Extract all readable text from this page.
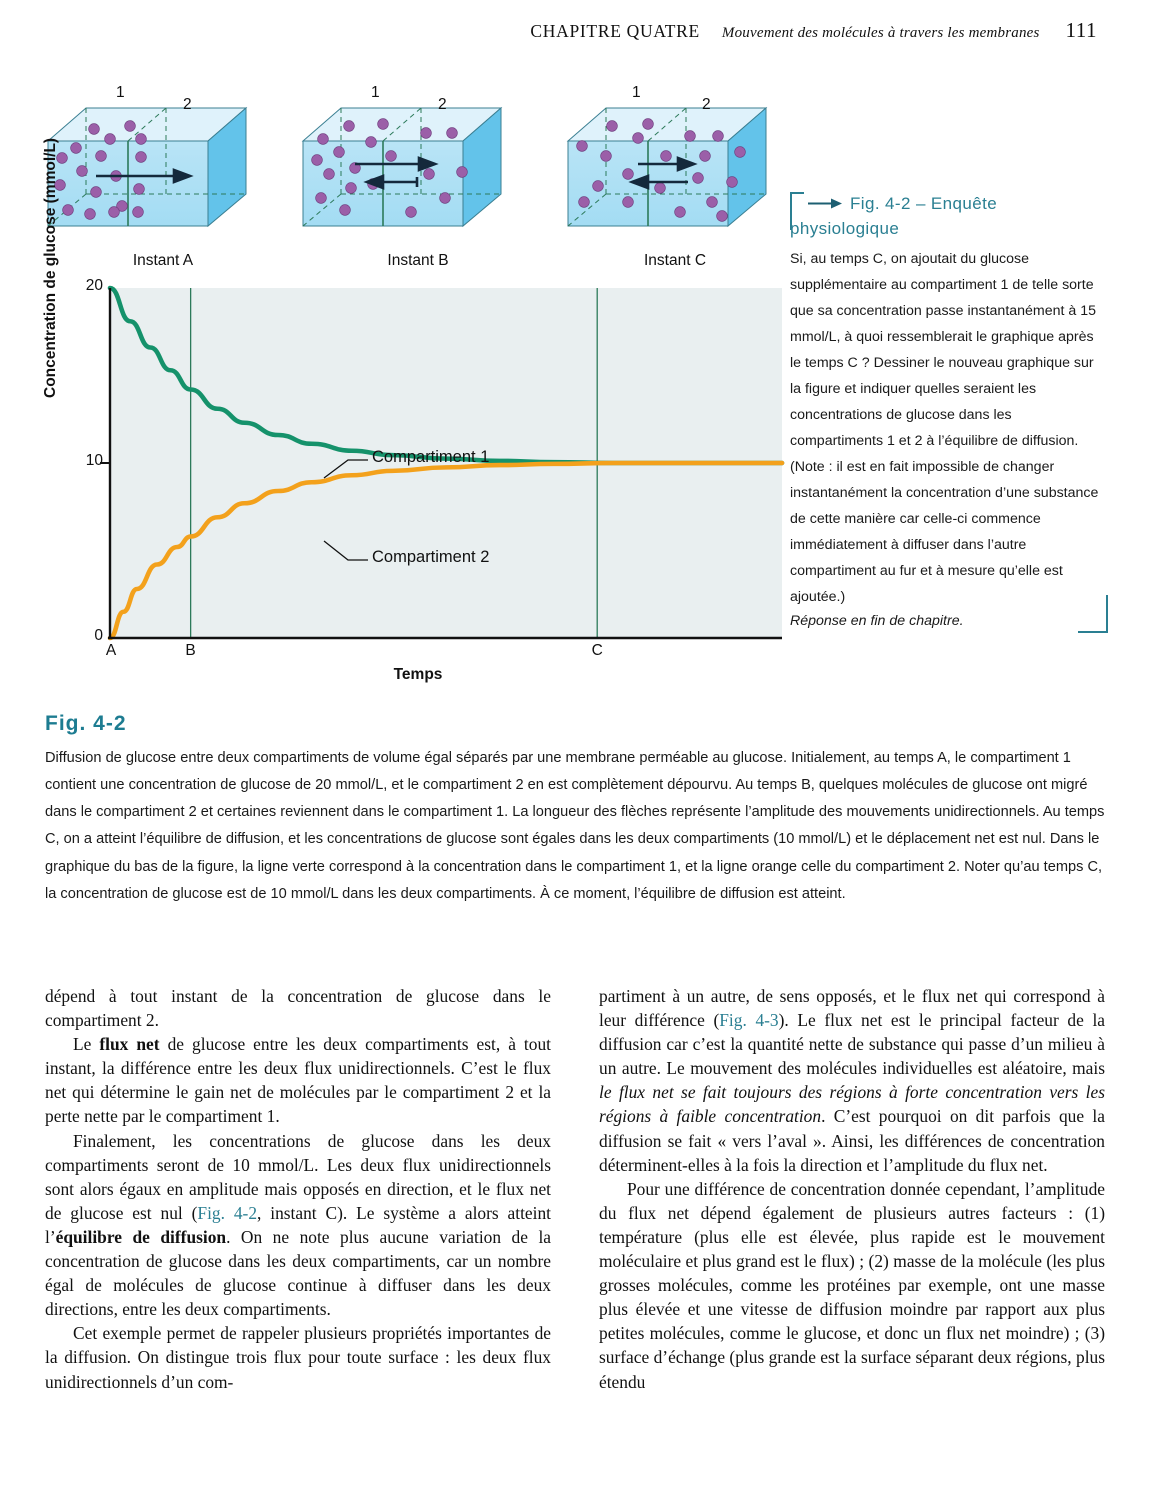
CHAPITRE QUATRE Mouvement des molécules à travers les membranes 111
1
2
Instant A
1
2
Instant B
1
2
Instant C
Concentration de glucose (mmol/L) 20
10
0
A	B	C
Compartiment 1
Compartiment 2
Temps
Fig. 4-2 – Enquête physiologique

Si, au temps C, on ajoutait du glucose supplémentaire au compartiment 1 de telle sorte que sa concentration passe instantanément à 15 mmol/L, à quoi ressemblerait le graphique après le temps C ? Dessiner le nouveau graphique sur la figure et indiquer quelles seraient les concentrations de glucose dans les compartiments 1 et 2 à l’équilibre de diffusion. (Note : il est en fait impossible de changer instantanément la concentration d’une substance de cette manière car celle-ci commence immédiatement à diffuser dans l’autre compartiment au fur et à mesure qu’elle est ajoutée.)

Réponse en fin de chapitre.
Fig. 4-2
Diffusion de glucose entre deux compartiments de volume égal séparés par une membrane perméable au glucose. Initialement, au temps A, le compartiment 1 contient une concentration de glucose de 20 mmol/L, et le compartiment 2 en est complètement dépourvu. Au temps B, quelques molécules de glucose ont migré dans le compartiment 2 et certaines reviennent dans le compartiment 1. La longueur des flèches représente l’amplitude des mouvements unidirectionnels. Au temps C, on a atteint l’équilibre de diffusion, et les concentrations de glucose sont égales dans les deux compartiments (10 mmol/L) et le déplacement net est nul. Dans le graphique du bas de la figure, la ligne verte correspond à la concentration dans le compartiment 1, et la ligne orange celle du compartiment 2. Noter qu’au temps C, la concentration de glucose est de 10 mmol/L dans les deux compartiments. À ce moment, l’équilibre de diffusion est atteint.

dépend à tout instant de la concentration de glucose dans le compartiment 2.

Le flux net de glucose entre les deux compartiments est, à tout instant, la différence entre les deux flux unidirectionnels. C’est le flux net qui détermine le gain net de molécules par le compartiment 2 et la perte nette par le compartiment 1.

Finalement, les concentrations de glucose dans les deux compartiments seront de 10 mmol/L. Les deux flux unidirectionnels sont alors égaux en amplitude mais opposés en direction, et le flux net de glucose est nul (Fig. 4-2, instant C). Le système a alors atteint l’équilibre de diffusion. On ne note plus aucune variation de la concentration de glucose dans les deux compartiments, car un nombre égal de molécules de glucose continue à diffuser dans les deux directions, entre les deux compartiments.

Cet exemple permet de rappeler plusieurs propriétés importantes de la diffusion. On distingue trois flux pour toute surface : les deux flux unidirectionnels d’un com-

partiment à un autre, de sens opposés, et le flux net qui correspond à leur différence (Fig. 4-3). Le flux net est le principal facteur de la diffusion car c’est la quantité nette de substance qui passe d’un milieu à un autre. Le mouvement des molécules individuelles est aléatoire, mais le flux net se fait toujours des régions à forte concentration vers les régions à faible concentration. C’est pourquoi on dit parfois que la diffusion se fait « vers l’aval ». Ainsi, les différences de concentration déterminent-elles à la fois la direction et l’amplitude du flux net.

Pour une différence de concentration donnée cependant, l’amplitude du flux net dépend également de plusieurs autres facteurs : (1) température (plus elle est élevée, plus rapide est le mouvement moléculaire et plus grand est le flux) ; (2) masse de la molécule (les plus grosses molécules, comme les protéines par exemple, ont une masse plus élevée et une vitesse de diffusion moindre par rapport aux plus petites molécules, comme le glucose, et donc un flux net moindre) ; (3) surface d’échange (plus grande est la surface séparant deux régions, plus étendu
